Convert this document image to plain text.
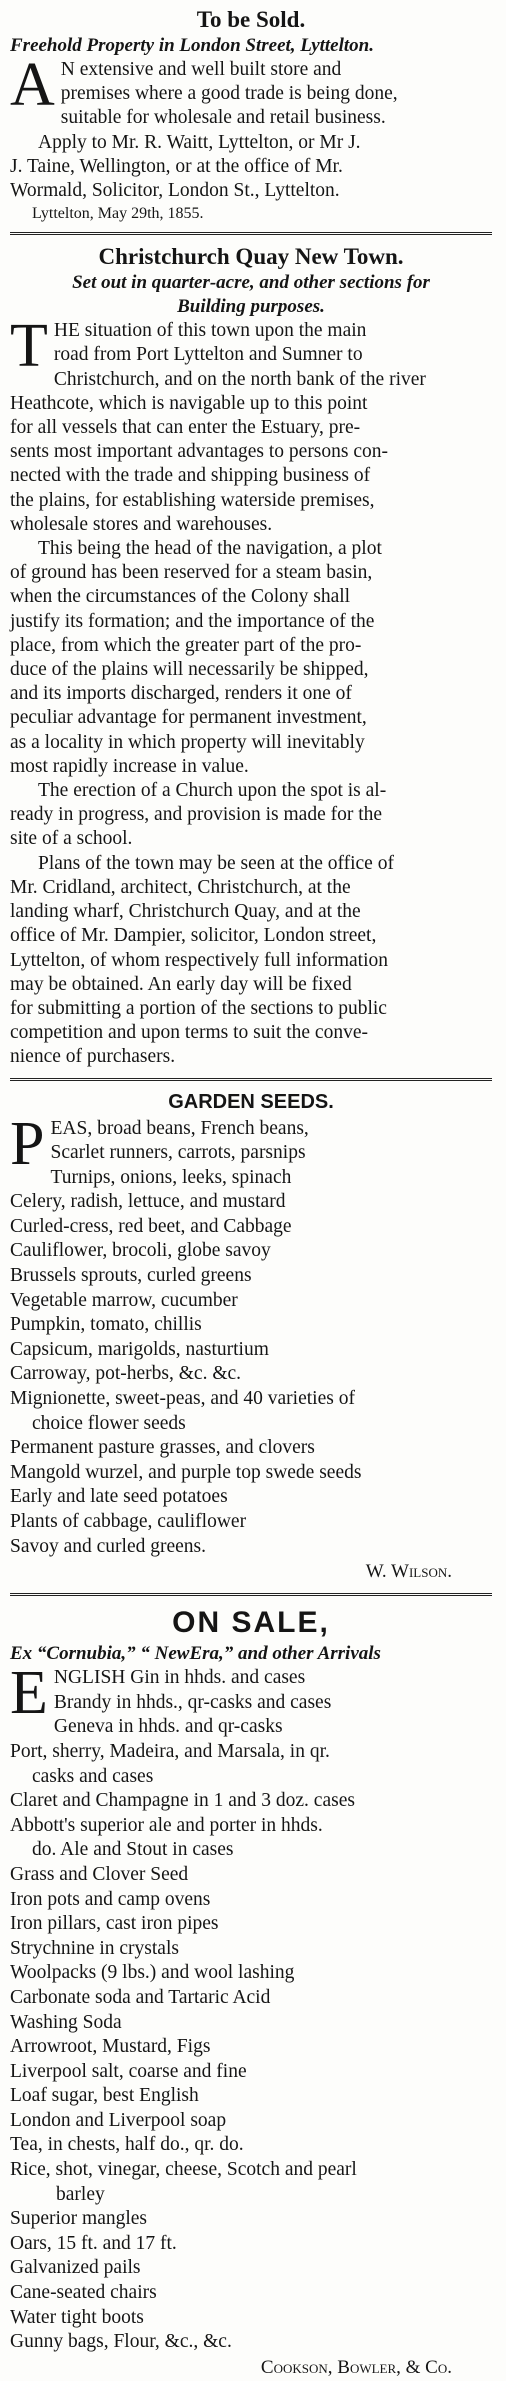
To be Sold.

Freehold Property in London Street, Lyttelton.

A N extensive and well built store and
premises where a good trade is being done,
suitable for wholesale and retail business.
Apply to Mr. R. Waitt, Lyttelton, or Mr J.
J. Taine, Wellington, or at the office of Mr.
Wormald, Solicitor, London St., Lyttelton.
Lyttelton, May 29th, 1855.
Christchurch Quay New Town.

Set out in quarter-acre, and other sections for

Building purposes.

T HE situation of this town upon the main
road from Port Lyttelton and Sumner to
Christchurch, and on the north bank of the river
Heathcote, which is navigable up to this point
for all vessels that can enter the Estuary, pre-
sents most important advantages to persons con-
nected with the trade and shipping business of
the plains, for establishing waterside premises,
wholesale stores and warehouses.
This being the head of the navigation, a plot
of ground has been reserved for a steam basin,
when the circumstances of the Colony shall
justify its formation; and the importance of the
place, from which the greater part of the pro-
duce of the plains will necessarily be shipped,
and its imports discharged, renders it one of
peculiar advantage for permanent investment,
as a locality in which property will inevitably
most rapidly increase in value.
The erection of a Church upon the spot is al-
ready in progress, and provision is made for the
site of a school.
Plans of the town may be seen at the office of
Mr. Cridland, architect, Christchurch, at the
landing wharf, Christchurch Quay, and at the
office of Mr. Dampier, solicitor, London street,
Lyttelton, of whom respectively full information
may be obtained. An early day will be fixed
for submitting a portion of the sections to public
competition and upon terms to suit the conve-
nience of purchasers.
GARDEN SEEDS.
P EAS, broad beans, French beans,
Scarlet runners, carrots, parsnips
Turnips, onions, leeks, spinach
Celery, radish, lettuce, and mustard
Curled-cress, red beet, and Cabbage
Cauliflower, brocoli, globe savoy
Brussels sprouts, curled greens
Vegetable marrow, cucumber
Pumpkin, tomato, chillis
Capsicum, marigolds, nasturtium
Carroway, pot-herbs, &c. &c.
Mignionette, sweet-peas, and 40 varieties of
choice flower seeds
Permanent pasture grasses, and clovers
Mangold wurzel, and purple top swede seeds
Early and late seed potatoes
Plants of cabbage, cauliflower
Savoy and curled greens.
W. Wilson.
ON SALE,

Ex “Cornubia,” “ NewEra,” and other Arrivals

E NGLISH Gin in hhds. and cases
Brandy in hhds., qr-casks and cases
Geneva in hhds. and qr-casks
Port, sherry, Madeira, and Marsala, in qr.
casks and cases
Claret and Champagne in 1 and 3 doz. cases
Abbott's superior ale and porter in hhds.
do. Ale and Stout in cases
Grass and Clover Seed
Iron pots and camp ovens
Iron pillars, cast iron pipes
Strychnine in crystals
Woolpacks (9 lbs.) and wool lashing
Carbonate soda and Tartaric Acid
Washing Soda
Arrowroot, Mustard, Figs
Liverpool salt, coarse and fine
Loaf sugar, best English
London and Liverpool soap
Tea, in chests, half do., qr. do.
Rice, shot, vinegar, cheese, Scotch and pearl
barley
Superior mangles
Oars, 15 ft. and 17 ft.
Galvanized pails
Cane-seated chairs
Water tight boots
Gunny bags, Flour, &c., &c.
Cookson, Bowler, & Co.
